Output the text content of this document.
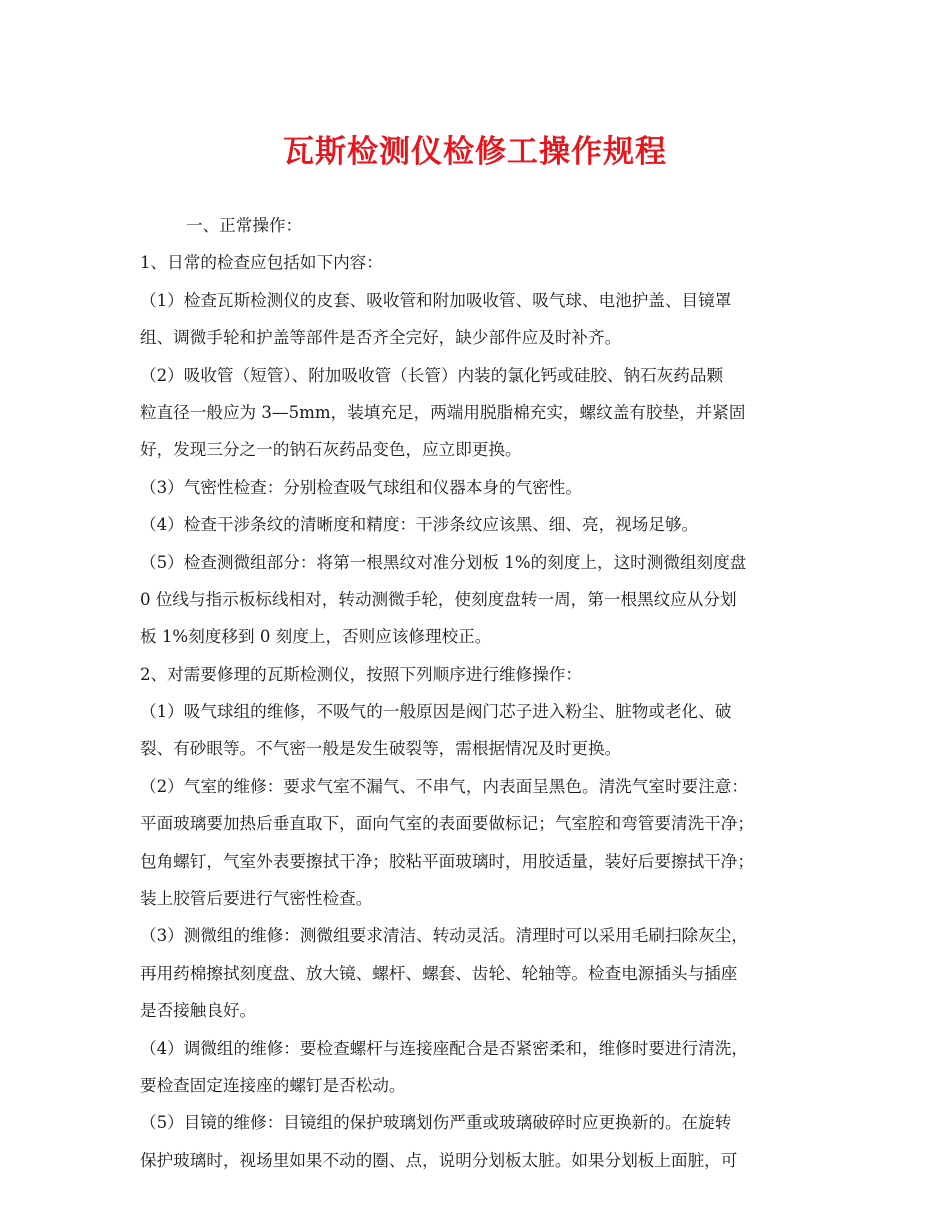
瓦斯检测仪检修工操作规程
一、正常操作：
1、日常的检查应包括如下内容：
（1）检查瓦斯检测仪的皮套、吸收管和附加吸收管、吸气球、电池护盖、目镜罩
组、调微手轮和护盖等部件是否齐全完好，缺少部件应及时补齐。
（2）吸收管（短管）、附加吸收管（长管）内装的氯化钙或硅胶、钠石灰药品颗
粒直径一般应为 3—5mm，装填充足，两端用脱脂棉充实，螺纹盖有胶垫，并紧固
好，发现三分之一的钠石灰药品变色，应立即更换。
（3）气密性检查：分别检查吸气球组和仪器本身的气密性。
（4）检查干涉条纹的清晰度和精度：干涉条纹应该黑、细、亮，视场足够。
（5）检查测微组部分：将第一根黑纹对准分划板 1%的刻度上，这时测微组刻度盘
0 位线与指示板标线相对，转动测微手轮，使刻度盘转一周，第一根黑纹应从分划
板 1%刻度移到 0 刻度上，否则应该修理校正。
2、对需要修理的瓦斯检测仪，按照下列顺序进行维修操作：
（1）吸气球组的维修，不吸气的一般原因是阀门芯子进入粉尘、脏物或老化、破
裂、有砂眼等。不气密一般是发生破裂等，需根据情况及时更换。
（2）气室的维修：要求气室不漏气、不串气，内表面呈黑色。清洗气室时要注意：
平面玻璃要加热后垂直取下，面向气室的表面要做标记；气室腔和弯管要清洗干净；
包角螺钉，气室外表要擦拭干净；胶粘平面玻璃时，用胶适量，装好后要擦拭干净；
装上胶管后要进行气密性检查。
（3）测微组的维修：测微组要求清洁、转动灵活。清理时可以采用毛刷扫除灰尘，
再用药棉擦拭刻度盘、放大镜、螺杆、螺套、齿轮、轮轴等。检查电源插头与插座
是否接触良好。
（4）调微组的维修：要检查螺杆与连接座配合是否紧密柔和，维修时要进行清洗，
要检查固定连接座的螺钉是否松动。
（5）目镜的维修：目镜组的保护玻璃划伤严重或玻璃破碎时应更换新的。在旋转
保护玻璃时，视场里如果不动的圈、点，说明分划板太脏。如果分划板上面脏，可
